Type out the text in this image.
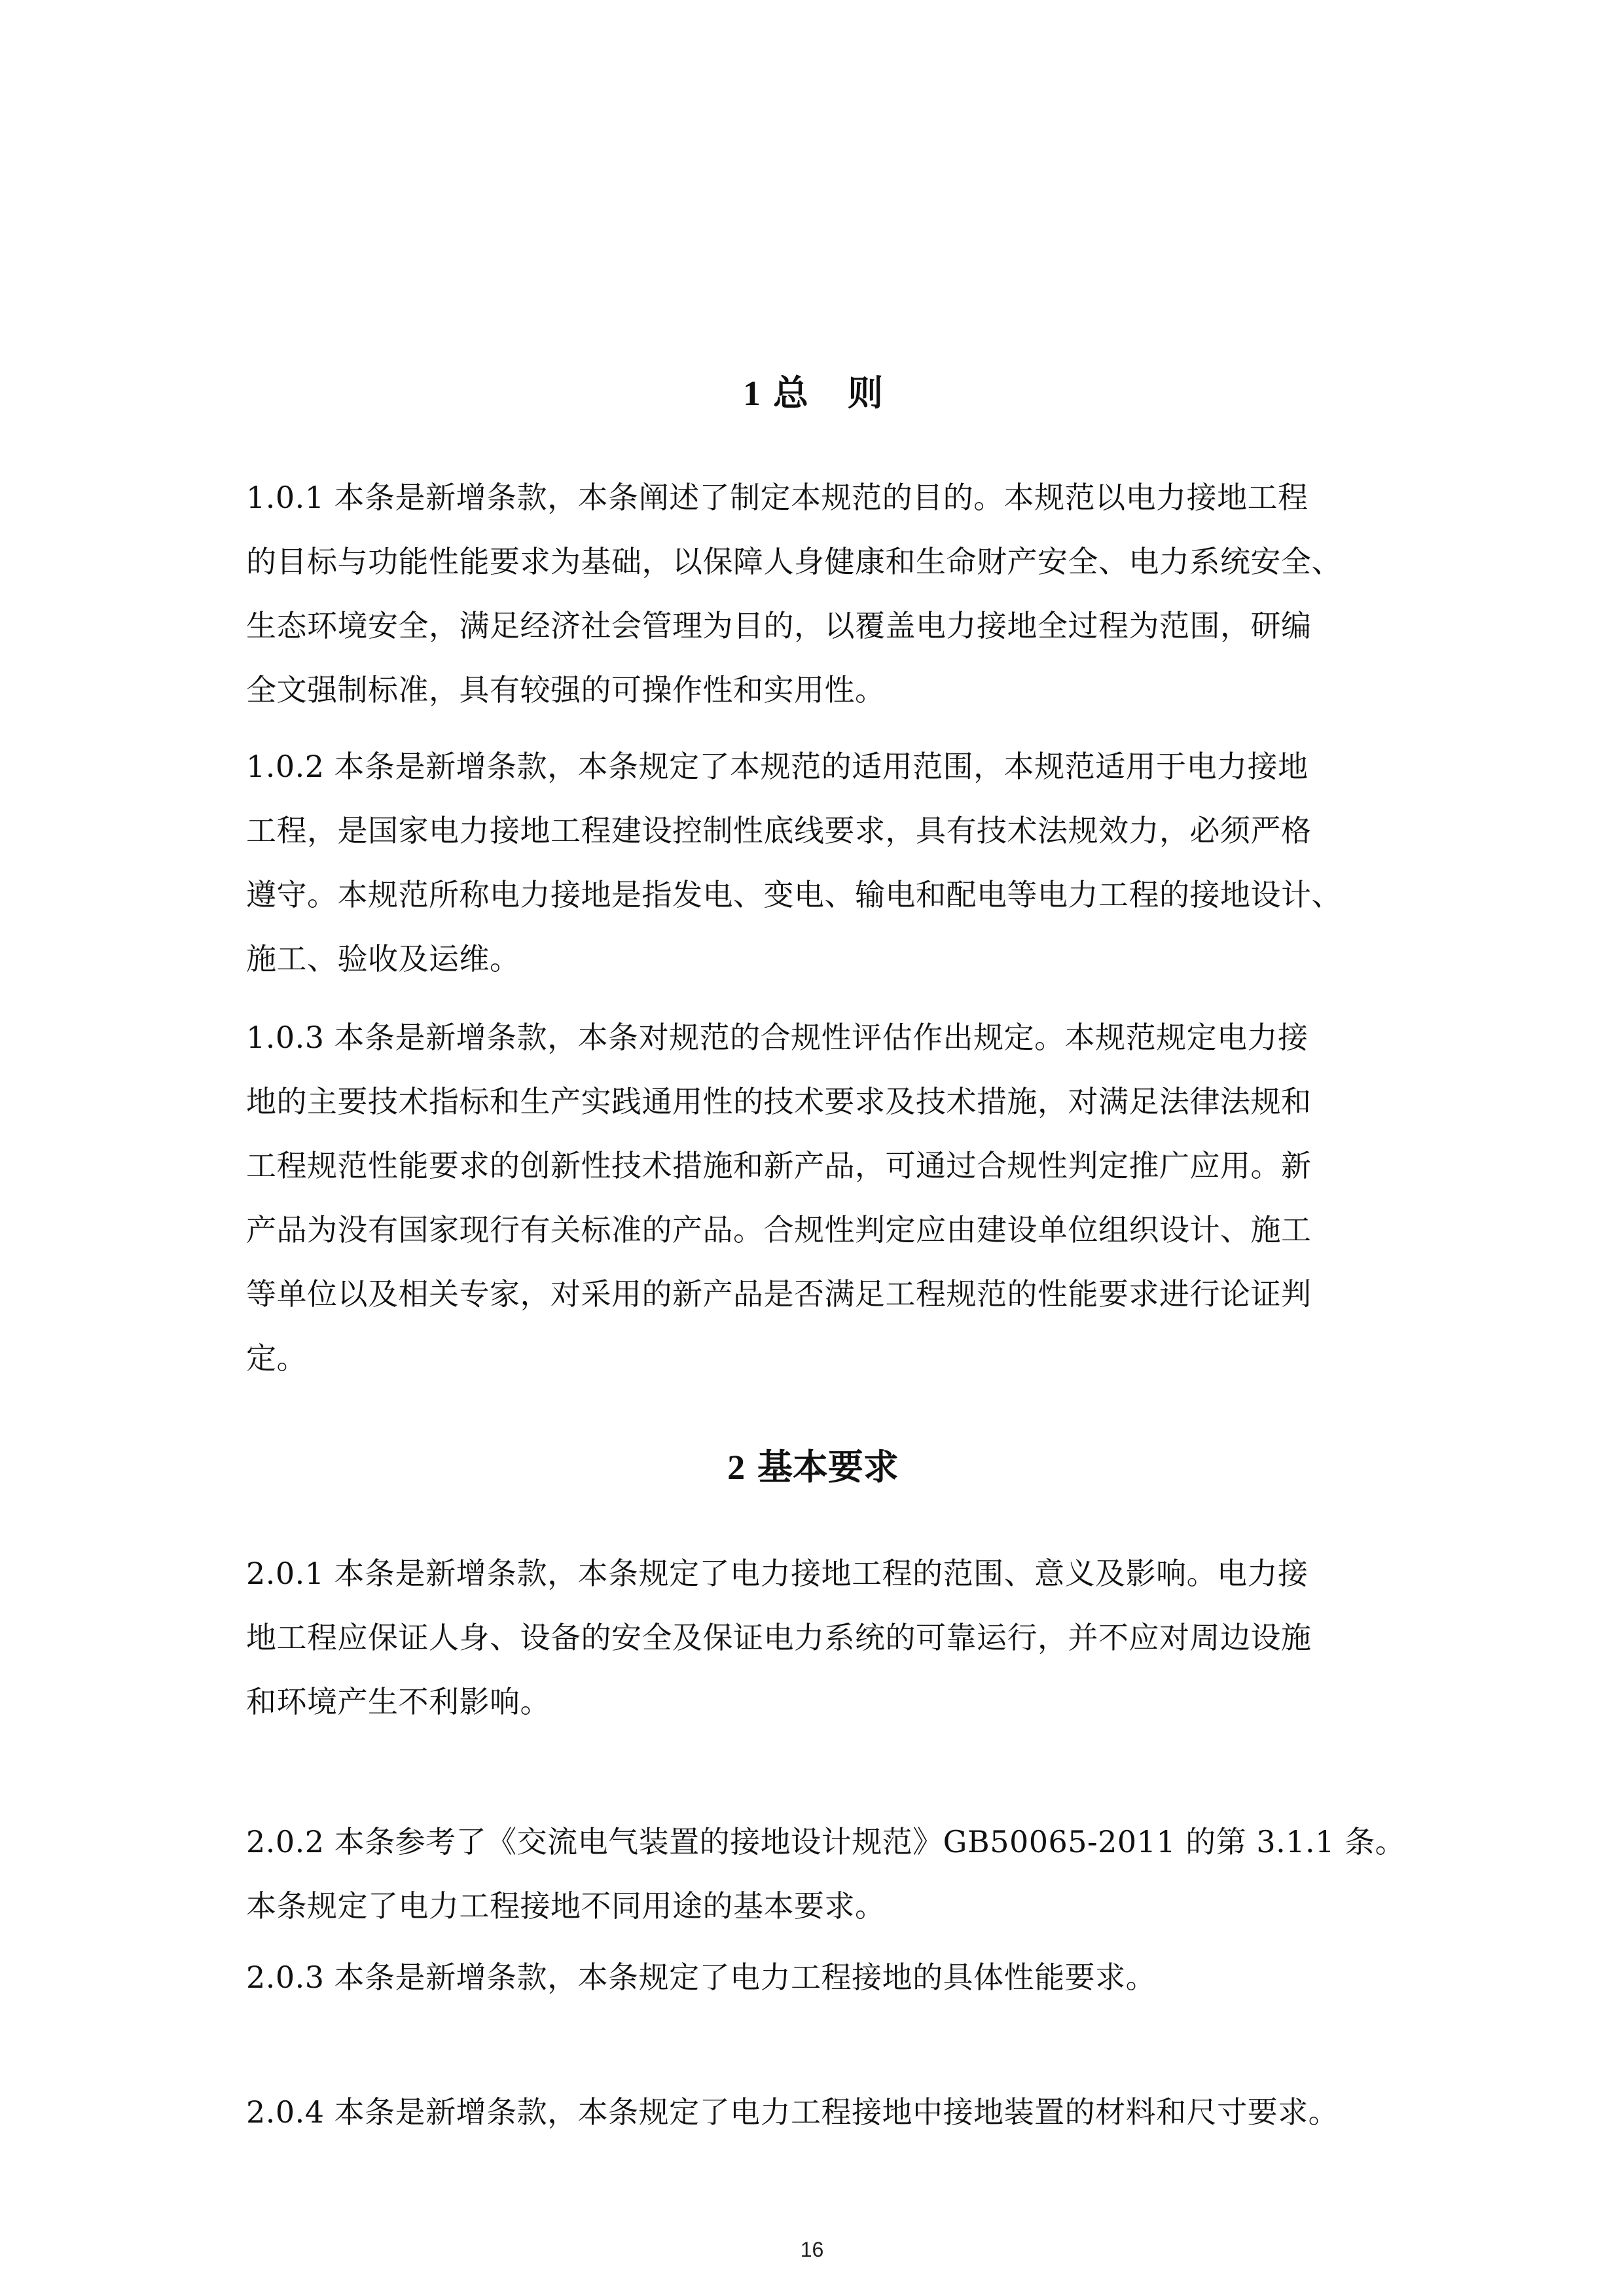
1 总 则

1.0.1 本条是新增条款，本条阐述了制定本规范的目的。本规范以电力接地工程
的目标与功能性能要求为基础，以保障人身健康和生命财产安全、电力系统安全、
生态环境安全，满足经济社会管理为目的，以覆盖电力接地全过程为范围，研编
全文强制标准，具有较强的可操作性和实用性。

1.0.2 本条是新增条款，本条规定了本规范的适用范围，本规范适用于电力接地
工程，是国家电力接地工程建设控制性底线要求，具有技术法规效力，必须严格
遵守。本规范所称电力接地是指发电、变电、输电和配电等电力工程的接地设计、
施工、验收及运维。

1.0.3 本条是新增条款，本条对规范的合规性评估作出规定。本规范规定电力接
地的主要技术指标和生产实践通用性的技术要求及技术措施，对满足法律法规和
工程规范性能要求的创新性技术措施和新产品，可通过合规性判定推广应用。新
产品为没有国家现行有关标准的产品。合规性判定应由建设单位组织设计、施工
等单位以及相关专家，对采用的新产品是否满足工程规范的性能要求进行论证判
定。

2 基本要求

2.0.1 本条是新增条款，本条规定了电力接地工程的范围、意义及影响。电力接
地工程应保证人身、设备的安全及保证电力系统的可靠运行，并不应对周边设施
和环境产生不利影响。

2.0.2 本条参考了《交流电气装置的接地设计规范》GB50065-2011 的第 3.1.1 条。
本条规定了电力工程接地不同用途的基本要求。

2.0.3 本条是新增条款，本条规定了电力工程接地的具体性能要求。

2.0.4 本条是新增条款，本条规定了电力工程接地中接地装置的材料和尺寸要求。

16
